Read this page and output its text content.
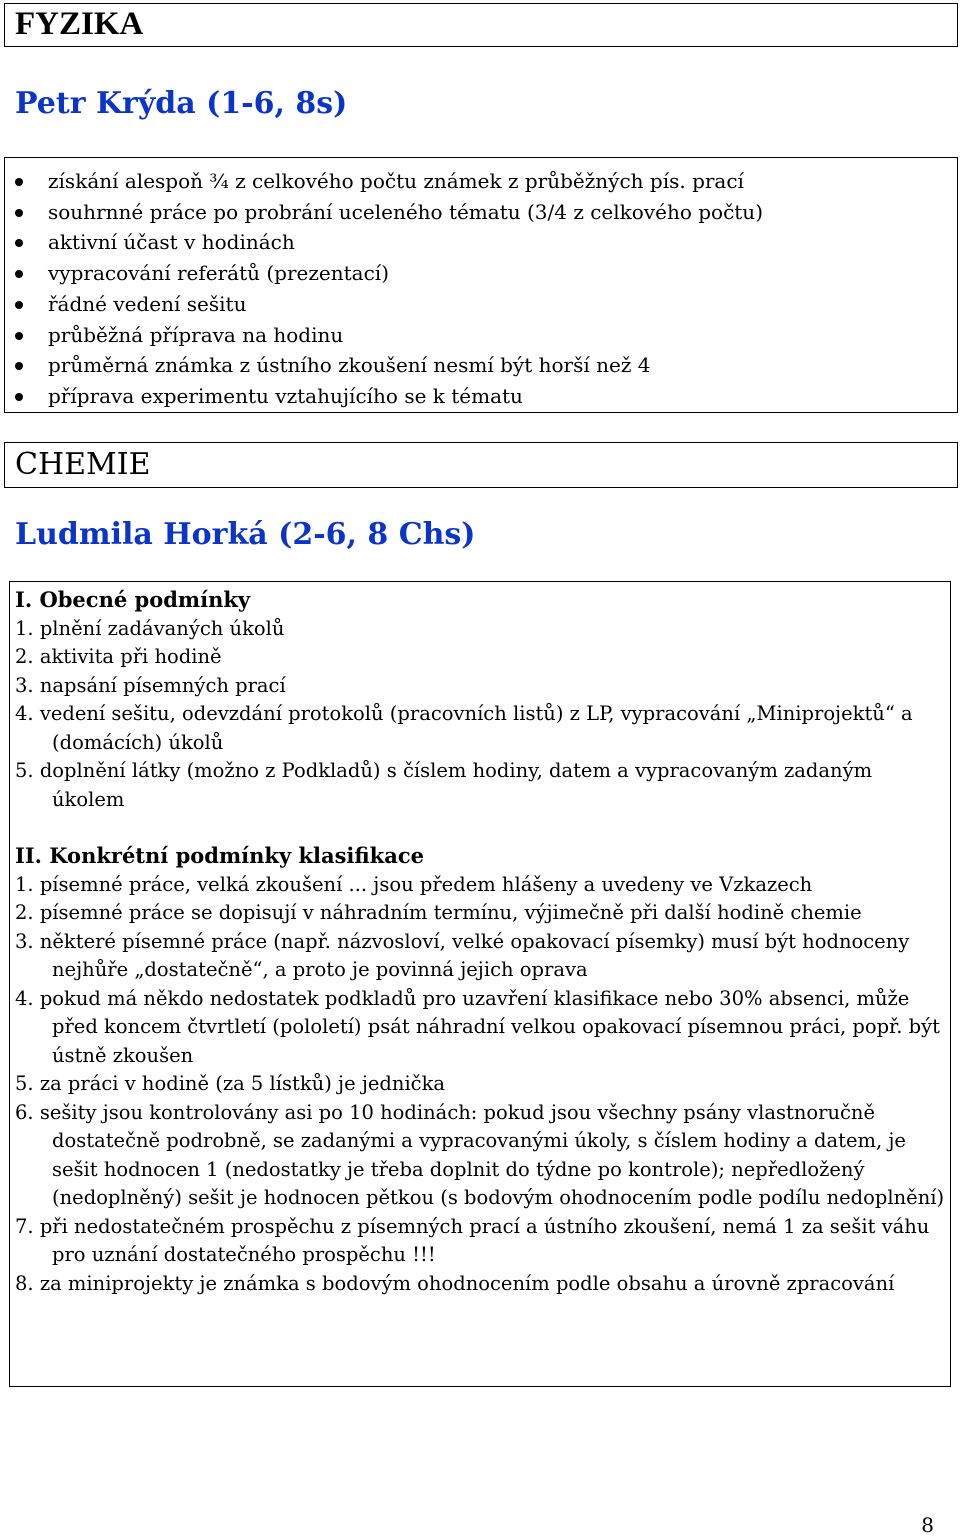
FYZIKA
Petr Krýda (1-6, 8s)
získání alespoň ¾ z celkového počtu známek z průběžných pís. prací
souhrnné práce po probrání uceleného tématu (3/4 z celkového počtu)
aktivní účast v hodinách
vypracování referátů (prezentací)
řádné vedení sešitu
průběžná příprava na hodinu
průměrná známka z ústního zkoušení nesmí být horší než 4
příprava experimentu vztahujícího se k tématu
CHEMIE
Ludmila Horká (2-6, 8 Chs)
I. Obecné podmínky
1. plnění zadávaných úkolů
2. aktivita při hodině
3. napsání písemných prací
4. vedení sešitu, odevzdání protokolů (pracovních listů) z LP, vypracování „Miniprojektů“ a (domácích) úkolů
5. doplnění látky (možno z Podkladů) s číslem hodiny, datem a vypracovaným zadaným úkolem
II. Konkrétní podmínky klasifikace
1. písemné práce, velká zkoušení ... jsou předem hlášeny a uvedeny ve Vzkazech
2. písemné práce se dopisují v náhradním termínu, výjimečně při další hodině chemie
3. některé písemné práce (např. názvosloví, velké opakovací písemky) musí být hodnoceny nejhůře „dostatečně“, a proto je povinná jejich oprava
4. pokud má někdo nedostatek podkladů pro uzavření klasifikace nebo 30% absenci, může před koncem čtvrtletí (pololetí) psát náhradní velkou opakovací písemnou práci, popř. být ústně zkoušen
5. za práci v hodině (za 5 lístků) je jednička
6. sešity jsou kontrolovány asi po 10 hodinách: pokud jsou všechny psány vlastnoručně dostatečně podrobně, se zadanými a vypracovanými úkoly, s číslem hodiny a datem, je sešit hodnocen 1 (nedostatky je třeba doplnit do týdne po kontrole); nepředložený (nedoplněný) sešit je hodnocen pětkou (s bodovým ohodnocením podle podílu nedoplnění)
7. při nedostatečném prospěchu z písemných prací a ústního zkoušení, nemá 1 za sešit váhu pro uznání dostatečného prospěchu !!!
8. za miniprojekty je známka s bodovým ohodnocením podle obsahu a úrovně zpracování
8
